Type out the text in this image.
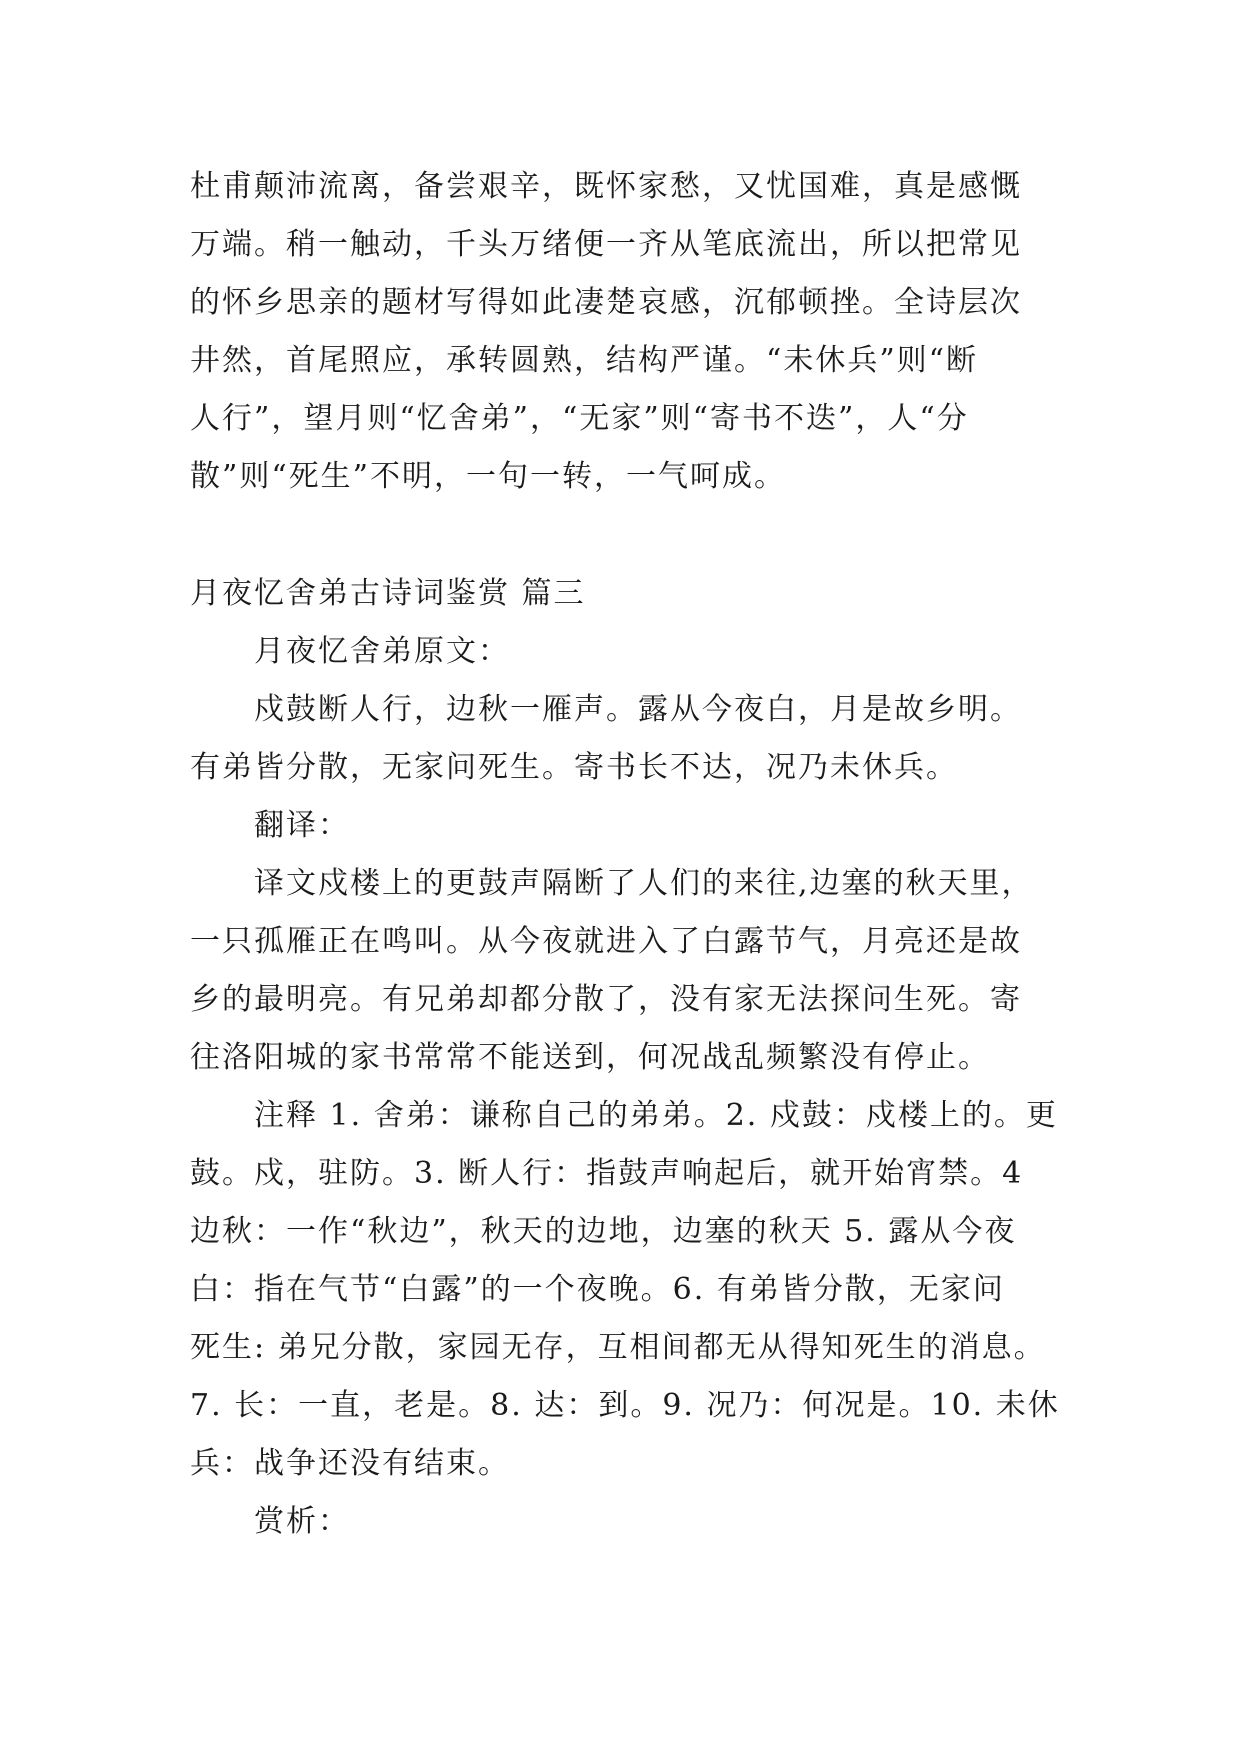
杜甫颠沛流离，备尝艰辛，既怀家愁，又忧国难，真是感慨
万端。稍一触动，千头万绪便一齐从笔底流出，所以把常见
的怀乡思亲的题材写得如此凄楚哀感，沉郁顿挫。全诗层次
井然，首尾照应，承转圆熟，结构严谨。“未休兵”则“断
人行”，望月则“忆舍弟”，“无家”则“寄书不迭”，人“分
散”则“死生”不明，一句一转，一气呵成。
月夜忆舍弟古诗词鉴赏 篇三
月夜忆舍弟原文：
戍鼓断人行，边秋一雁声。露从今夜白，月是故乡明。
有弟皆分散，无家问死生。寄书长不达，况乃未休兵。
翻译：
译文戍楼上的更鼓声隔断了人们的来往,边塞的秋天里，
一只孤雁正在鸣叫。从今夜就进入了白露节气，月亮还是故
乡的最明亮。有兄弟却都分散了，没有家无法探问生死。寄
往洛阳城的家书常常不能送到，何况战乱频繁没有停止。
注释 1. 舍弟：谦称自己的弟弟。2. 戍鼓：戍楼上的。更
鼓。戍，驻防。3. 断人行：指鼓声响起后，就开始宵禁。4
边秋：一作“秋边”，秋天的边地，边塞的秋天 5. 露从今夜
白：指在气节“白露”的一个夜晚。6. 有弟皆分散，无家问
死生: 弟兄分散，家园无存，互相间都无从得知死生的消息。
7. 长：一直，老是。8. 达：到。9. 况乃：何况是。10. 未休
兵：战争还没有结束。
赏析：
